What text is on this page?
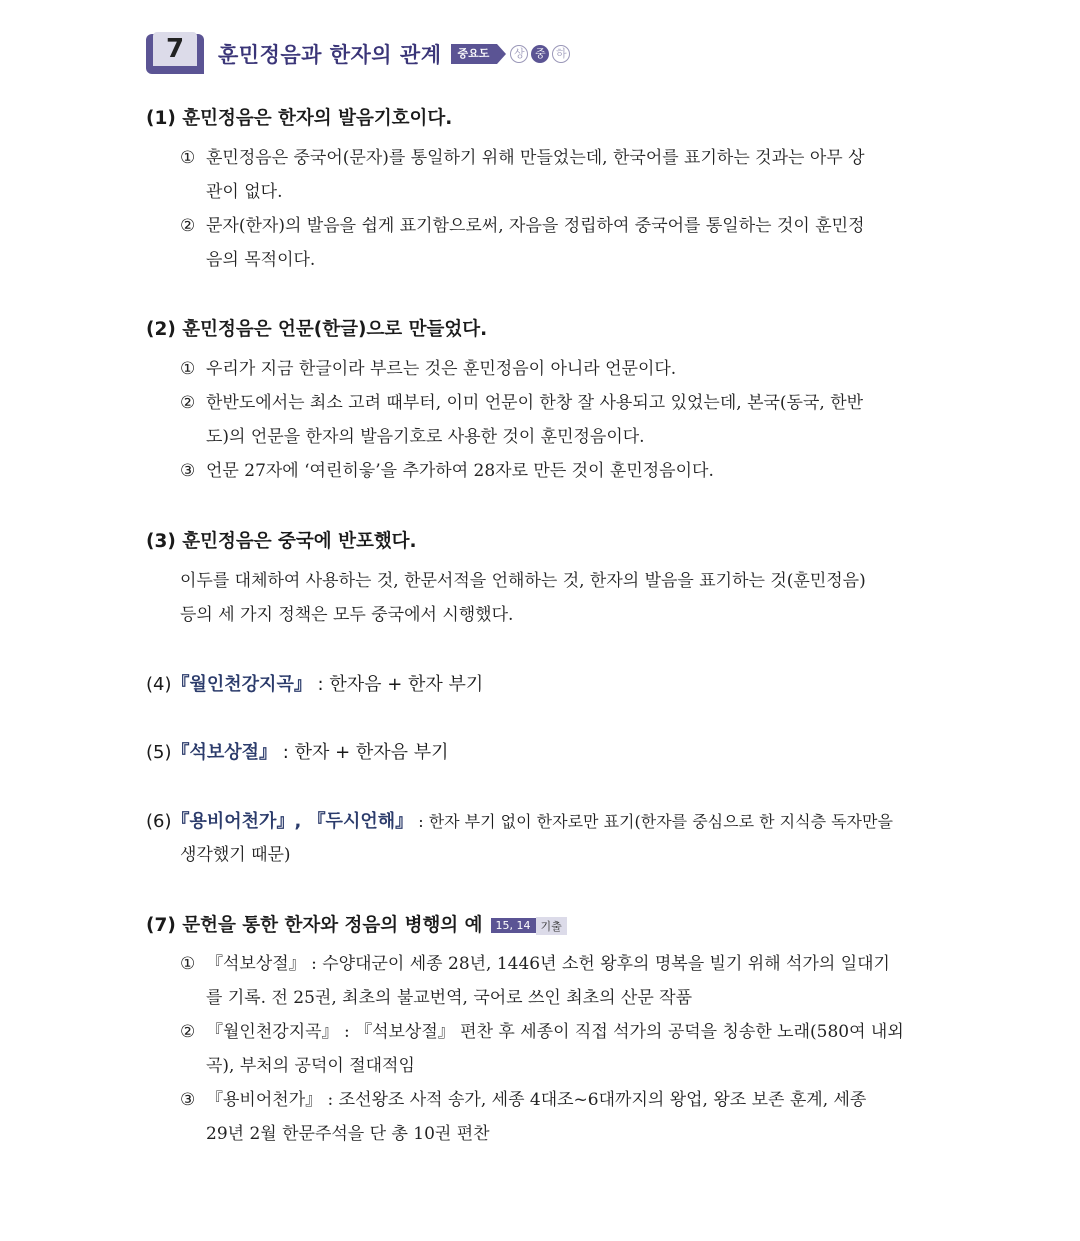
7	훈민정음과 한자의 관계	중요도	상 중 하
(1) 훈민정음은 한자의 발음기호이다.
① 훈민정음은 중국어(문자)를 통일하기 위해 만들었는데, 한국어를 표기하는 것과는 아무 상
관이 없다.
② 문자(한자)의 발음을 쉽게 표기함으로써, 자음을 정립하여 중국어를 통일하는 것이 훈민정
음의 목적이다.
(2) 훈민정음은 언문(한글)으로 만들었다.
① 우리가 지금 한글이라 부르는 것은 훈민정음이 아니라 언문이다.
② 한반도에서는 최소 고려 때부터, 이미 언문이 한창 잘 사용되고 있었는데, 본국(동국, 한반
도)의 언문을 한자의 발음기호로 사용한 것이 훈민정음이다.
③ 언문 27자에 ‘여린히읗’을 추가하여 28자로 만든 것이 훈민정음이다.
(3) 훈민정음은 중국에 반포했다.
이두를 대체하여 사용하는 것, 한문서적을 언해하는 것, 한자의 발음을 표기하는 것(훈민정음)
등의 세 가지 정책은 모두 중국에서 시행했다.
(4)『월인천강지곡』 : 한자음 + 한자 부기
(5)『석보상절』 : 한자 + 한자음 부기
(6)『용비어천가』, 『두시언해』 : 한자 부기 없이 한자로만 표기(한자를 중심으로 한 지식층 독자만을
생각했기 때문)
(7) 문헌을 통한 한자와 정음의 병행의 예	15, 14 기출
① 『석보상절』 : 수양대군이 세종 28년, 1446년 소헌 왕후의 명복을 빌기 위해 석가의 일대기
를 기록. 전 25권, 최초의 불교번역, 국어로 쓰인 최초의 산문 작품
② 『월인천강지곡』 : 『석보상절』 편찬 후 세종이 직접 석가의 공덕을 칭송한 노래(580여 내외
곡), 부처의 공덕이 절대적임
③ 『용비어천가』 : 조선왕조 사적 송가, 세종 4대조~6대까지의 왕업, 왕조 보존 훈계, 세종
29년 2월 한문주석을 단 총 10권 편찬
